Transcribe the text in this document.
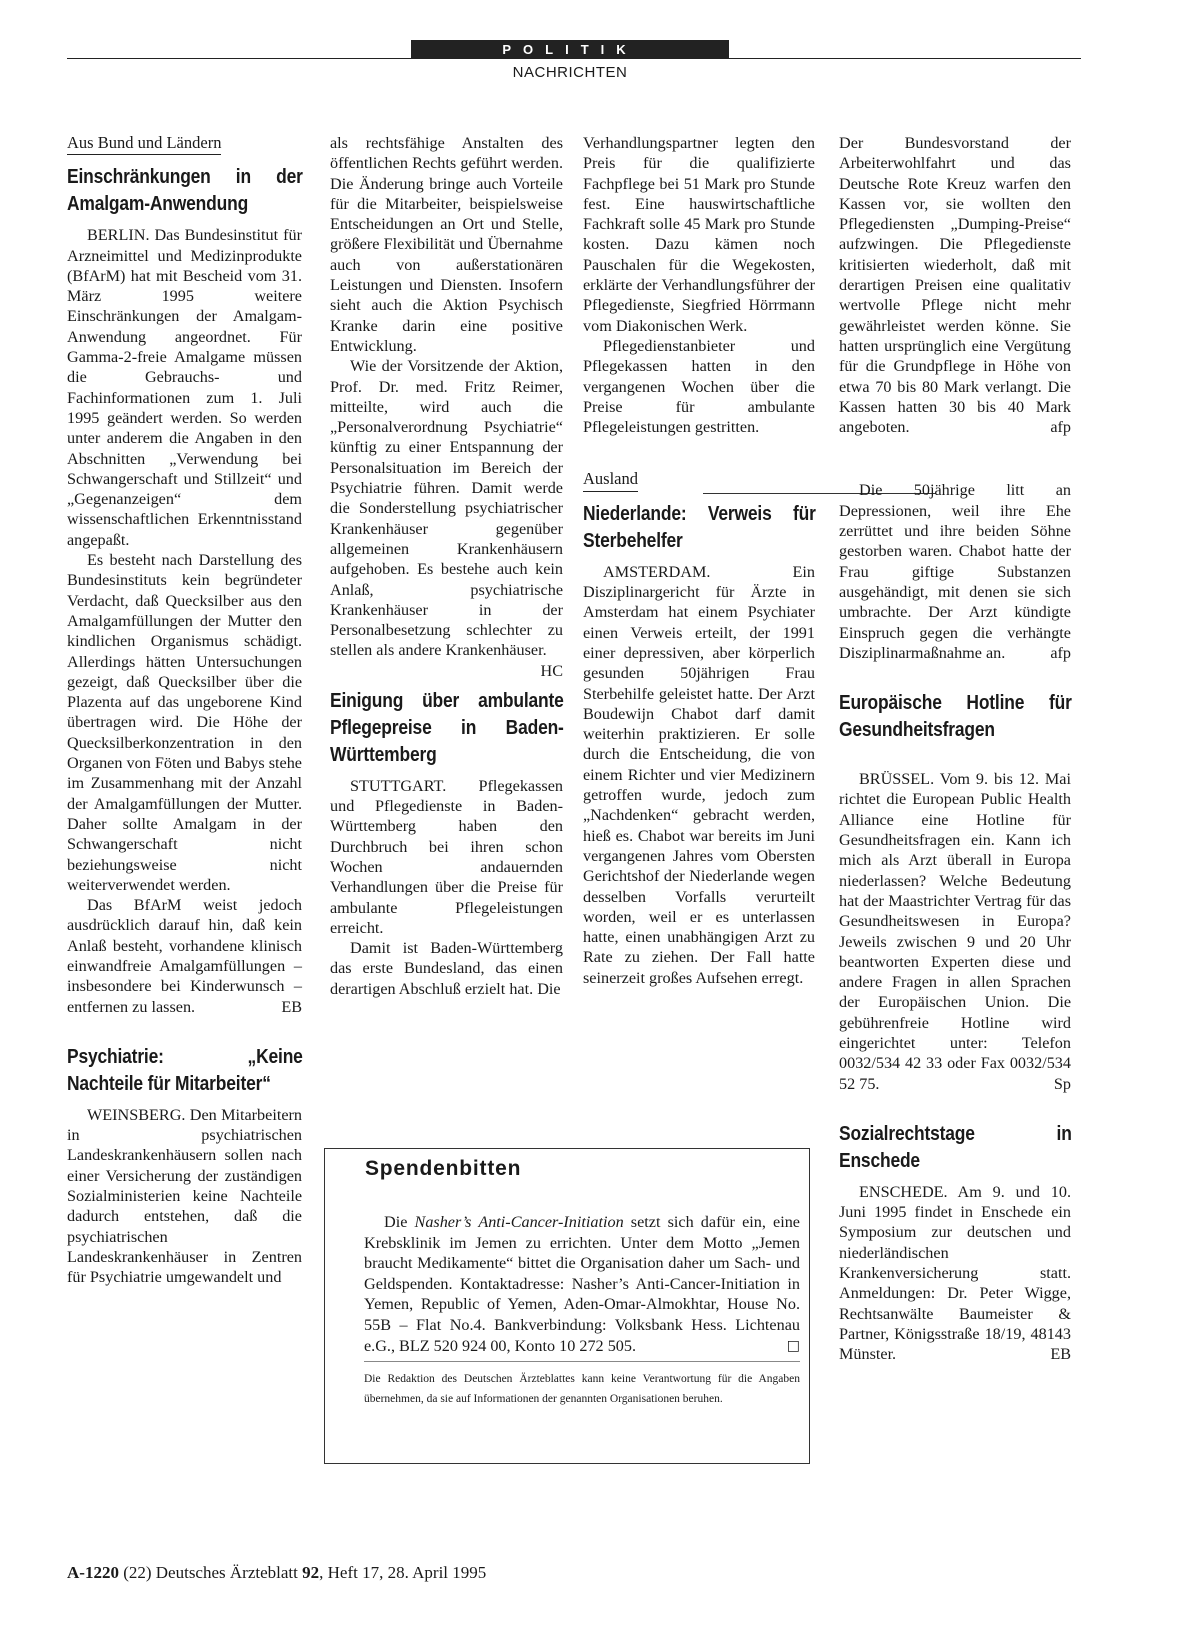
POLITIK
NACHRICHTEN
Aus Bund und Ländern
Einschränkungen in der Amalgam-Anwendung

BERLIN. Das Bundesinstitut für Arzneimittel und Medizinprodukte (BfArM) hat mit Bescheid vom 31. März 1995 weitere Einschränkungen der Amalgam-Anwendung angeordnet. Für Gamma-2-freie Amalgame müssen die Gebrauchs- und Fachinformationen zum 1. Juli 1995 geändert werden. So werden unter anderem die Angaben in den Abschnitten „Verwendung bei Schwangerschaft und Stillzeit“ und „Gegenanzeigen“ dem wissenschaftlichen Erkenntnisstand angepaßt.

Es besteht nach Darstellung des Bundesinstituts kein begründeter Verdacht, daß Quecksilber aus den Amalgamfüllungen der Mutter den kindlichen Organismus schädigt. Allerdings hätten Untersuchungen gezeigt, daß Quecksilber über die Plazenta auf das ungeborene Kind übertragen wird. Die Höhe der Quecksilberkonzentration in den Organen von Föten und Babys stehe im Zusammenhang mit der Anzahl der Amalgamfüllungen der Mutter. Daher sollte Amalgam in der Schwangerschaft nicht beziehungsweise nicht weiterverwendet werden.

Das BfArM weist jedoch ausdrücklich darauf hin, daß kein Anlaß besteht, vorhandene klinisch einwandfreie Amalgamfüllungen – insbesondere bei Kinderwunsch – entfernen zu lassen.	EB

Psychiatrie: „Keine Nachteile für Mitarbeiter“

WEINSBERG. Den Mitarbeitern in psychiatrischen Landeskrankenhäusern sollen nach einer Versicherung der zuständigen Sozialministerien keine Nachteile dadurch entstehen, daß die psychiatrischen Landeskrankenhäuser in Zentren für Psychiatrie umgewandelt und

als rechtsfähige Anstalten des öffentlichen Rechts geführt werden. Die Änderung bringe auch Vorteile für die Mitarbeiter, beispielsweise Entscheidungen an Ort und Stelle, größere Flexibilität und Übernahme auch von außerstationären Leistungen und Diensten. Insofern sieht auch die Aktion Psychisch Kranke darin eine positive Entwicklung.

Wie der Vorsitzende der Aktion, Prof. Dr. med. Fritz Reimer, mitteilte, wird auch die „Personalverordnung Psychiatrie“ künftig zu einer Entspannung der Personalsituation im Bereich der Psychiatrie führen. Damit werde die Sonderstellung psychiatrischer Krankenhäuser gegenüber allgemeinen Krankenhäusern aufgehoben. Es bestehe auch kein Anlaß, psychiatrische Krankenhäuser in der Personalbesetzung schlechter zu stellen als andere Krankenhäuser.
HC

Einigung über ambulante Pflegepreise in Baden-Württemberg

STUTTGART. Pflegekassen und Pflegedienste in Baden-Württemberg haben den Durchbruch bei ihren schon Wochen andauernden Verhandlungen über die Preise für ambulante Pflegeleistungen erreicht.

Damit ist Baden-Württemberg das erste Bundesland, das einen derartigen Abschluß erzielt hat. Die

Verhandlungspartner legten den Preis für die qualifizierte Fachpflege bei 51 Mark pro Stunde fest. Eine hauswirtschaftliche Fachkraft solle 45 Mark pro Stunde kosten. Dazu kämen noch Pauschalen für die Wegekosten, erklärte der Verhandlungsführer der Pflegedienste, Siegfried Hörrmann vom Diakonischen Werk.

Pflegedienstanbieter und Pflegekassen hatten in den vergangenen Wochen über die Preise für ambulante Pflegeleistungen gestritten.

Ausland
Niederlande: Verweis für Sterbehelfer

AMSTERDAM. Ein Disziplinargericht für Ärzte in Amsterdam hat einem Psychiater einen Verweis erteilt, der 1991 einer depressiven, aber körperlich gesunden 50jährigen Frau Sterbehilfe geleistet hatte. Der Arzt Boudewijn Chabot darf damit weiterhin praktizieren. Er solle durch die Entscheidung, die von einem Richter und vier Medizinern getroffen wurde, jedoch zum „Nachdenken“ gebracht werden, hieß es. Chabot war bereits im Juni vergangenen Jahres vom Obersten Gerichtshof der Niederlande wegen desselben Vorfalls verurteilt worden, weil er es unterlassen hatte, einen unabhängigen Arzt zu Rate zu ziehen. Der Fall hatte seinerzeit großes Aufsehen erregt.

Der Bundesvorstand der Arbeiterwohlfahrt und das Deutsche Rote Kreuz warfen den Kassen vor, sie wollten den Pflegediensten „Dumping-Preise“ aufzwingen. Die Pflegedienste kritisierten wiederholt, daß mit derartigen Preisen eine qualitativ wertvolle Pflege nicht mehr gewährleistet werden könne. Sie hatten ursprünglich eine Vergütung für die Grundpflege in Höhe von etwa 70 bis 80 Mark verlangt. Die Kassen hatten 30 bis 40 Mark angeboten.	afp

Die 50jährige litt an Depressionen, weil ihre Ehe zerrüttet und ihre beiden Söhne gestorben waren. Chabot hatte der Frau giftige Substanzen ausgehändigt, mit denen sie sich umbrachte. Der Arzt kündigte Einspruch gegen die verhängte Disziplinarmaßnahme an.	afp

Europäische Hotline für Gesundheitsfragen

BRÜSSEL. Vom 9. bis 12. Mai richtet die European Public Health Alliance eine Hotline für Gesundheitsfragen ein. Kann ich mich als Arzt überall in Europa niederlassen? Welche Bedeutung hat der Maastrichter Vertrag für das Gesundheitswesen in Europa? Jeweils zwischen 9 und 20 Uhr beantworten Experten diese und andere Fragen in allen Sprachen der Europäischen Union. Die gebührenfreie Hotline wird eingerichtet unter: Telefon 0032/534 42 33 oder Fax 0032/534 52 75.	Sp

Sozialrechtstage in Enschede

ENSCHEDE. Am 9. und 10. Juni 1995 findet in Enschede ein Symposium zur deutschen und niederländischen Krankenversicherung statt. Anmeldungen: Dr. Peter Wigge, Rechtsanwälte Baumeister & Partner, Königsstraße 18/19, 48143 Münster.	EB

Spendenbitten
Die Nasher’s Anti-Cancer-Initiation setzt sich dafür ein, eine Krebsklinik im Jemen zu errichten. Unter dem Motto „Jemen braucht Medikamente“ bittet die Organisation daher um Sach- und Geldspenden. Kontaktadresse: Nasher’s Anti-Cancer-Initiation in Yemen, Republic of Yemen, Aden-Omar-Almokhtar, House No. 55B – Flat No.4. Bankverbindung: Volksbank Hess. Lichtenau e.G., BLZ 520 924 00, Konto 10 272 505.	□
Die Redaktion des Deutschen Ärzteblattes kann keine Verantwortung für die Angaben übernehmen, da sie auf Informationen der genannten Organisationen beruhen.
A-1220 (22) Deutsches Ärzteblatt 92, Heft 17, 28. April 1995
